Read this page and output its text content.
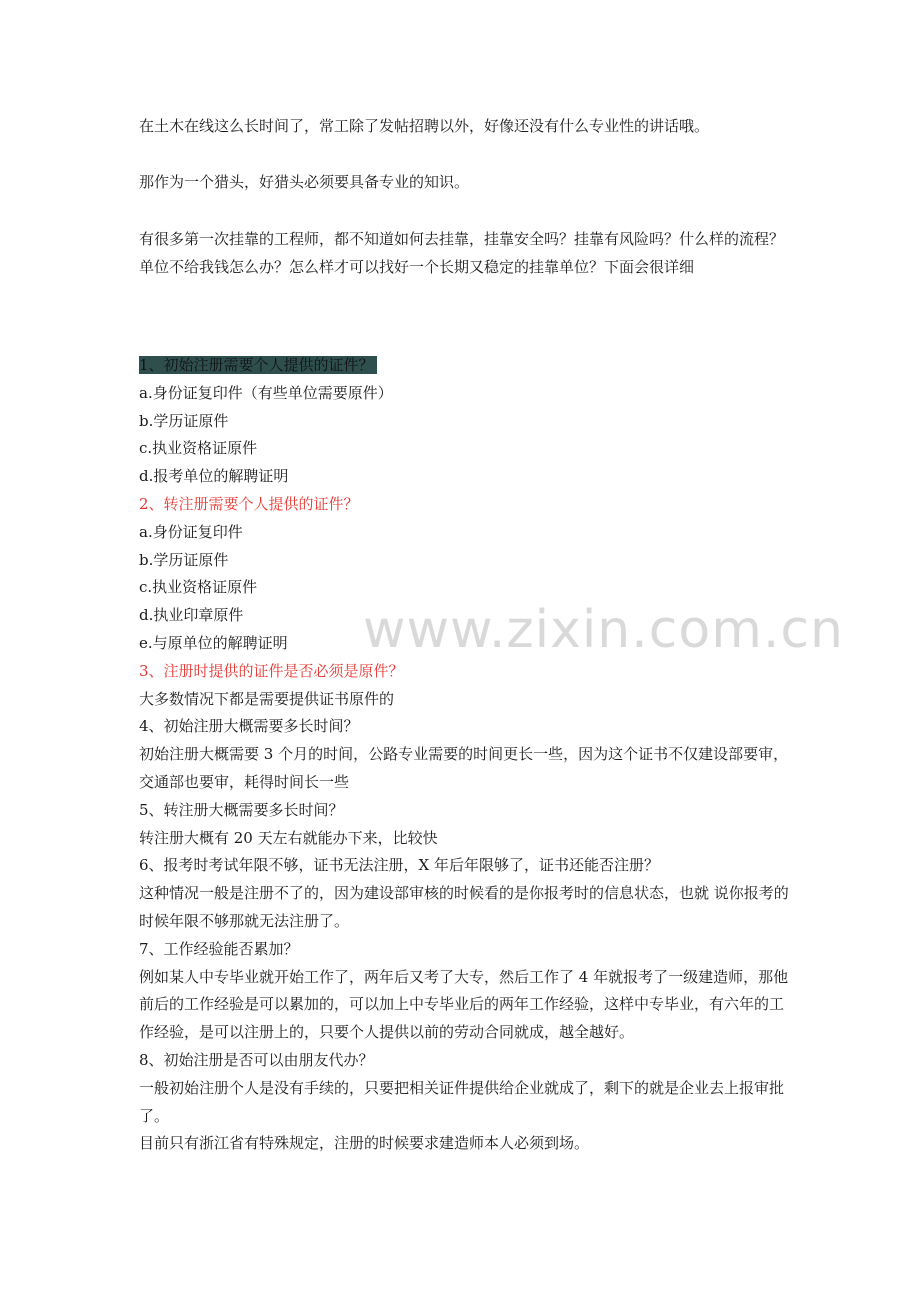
在土木在线这么长时间了，常工除了发帖招聘以外，好像还没有什么专业性的讲话哦。
那作为一个猎头，好猎头必须要具备专业的知识。
有很多第一次挂靠的工程师，都不知道如何去挂靠，挂靠安全吗？挂靠有风险吗？什么样的流程？单位不给我钱怎么办？怎么样才可以找好一个长期又稳定的挂靠单位？下面会很详细
1、初始注册需要个人提供的证件？
a.身份证复印件（有些单位需要原件）
b.学历证原件
c.执业资格证原件
d.报考单位的解聘证明
2、转注册需要个人提供的证件？
a.身份证复印件
b.学历证原件
c.执业资格证原件
d.执业印章原件
e.与原单位的解聘证明
3、注册时提供的证件是否必须是原件？
大多数情况下都是需要提供证书原件的
4、初始注册大概需要多长时间？
初始注册大概需要 3 个月的时间，公路专业需要的时间更长一些，因为这个证书不仅建设部要审，交通部也要审，耗得时间长一些
5、转注册大概需要多长时间？
转注册大概有 20 天左右就能办下来，比较快
6、报考时考试年限不够，证书无法注册，X 年后年限够了，证书还能否注册？
这种情况一般是注册不了的，因为建设部审核的时候看的是你报考时的信息状态，也就 说你报考的时候年限不够那就无法注册了。
7、工作经验能否累加？
例如某人中专毕业就开始工作了，两年后又考了大专，然后工作了 4 年就报考了一级建造师，那他前后的工作经验是可以累加的，可以加上中专毕业后的两年工作经验，这样中专毕业，有六年的工作经验，是可以注册上的，只要个人提供以前的劳动合同就成，越全越好。
8、初始注册是否可以由朋友代办？
一般初始注册个人是没有手续的，只要把相关证件提供给企业就成了，剩下的就是企业去上报审批了。
目前只有浙江省有特殊规定，注册的时候要求建造师本人必须到场。
www.zixin.com.cn
